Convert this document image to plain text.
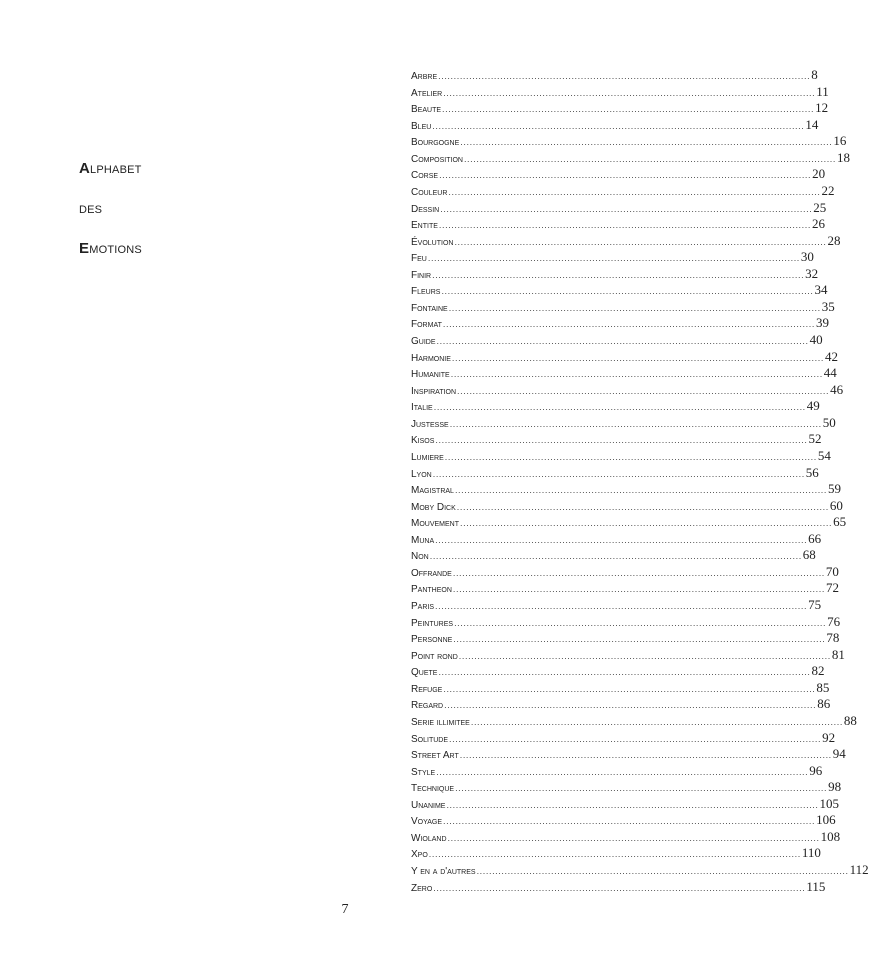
Alphabet
des
Emotions
Arbre ........................................................................................................................ 8
Atelier ........................................................................................................................ 11
Beaute ........................................................................................................................ 12
Bleu ........................................................................................................................ 14
Bourgogne ........................................................................................................................ 16
Composition ........................................................................................................................ 18
Corse ........................................................................................................................ 20
Couleur ........................................................................................................................ 22
Dessin ........................................................................................................................ 25
Entite ........................................................................................................................ 26
Évolution ........................................................................................................................ 28
Feu ........................................................................................................................ 30
Finir ........................................................................................................................ 32
Fleurs ........................................................................................................................ 34
Fontaine ........................................................................................................................ 35
Format ........................................................................................................................ 39
Guide ........................................................................................................................ 40
Harmonie ........................................................................................................................ 42
Humanite ........................................................................................................................ 44
Inspiration ........................................................................................................................ 46
Italie ........................................................................................................................ 49
Justesse ........................................................................................................................ 50
Kisos ........................................................................................................................ 52
Lumiere ........................................................................................................................ 54
Lyon ........................................................................................................................ 56
Magistral ........................................................................................................................ 59
Moby Dick ........................................................................................................................ 60
Mouvement ........................................................................................................................ 65
Muna ........................................................................................................................ 66
Non ........................................................................................................................ 68
Offrande ........................................................................................................................ 70
Pantheon ........................................................................................................................ 72
Paris ........................................................................................................................ 75
Peintures ........................................................................................................................ 76
Personne ........................................................................................................................ 78
Point rond ........................................................................................................................ 81
Quete ........................................................................................................................ 82
Refuge ........................................................................................................................ 85
Regard ........................................................................................................................ 86
Serie illimitee ........................................................................................................................ 88
Solitude ........................................................................................................................ 92
Street Art ........................................................................................................................ 94
Style ........................................................................................................................ 96
Technique ........................................................................................................................ 98
Unanime ........................................................................................................................ 105
Voyage ........................................................................................................................ 106
Wioland ........................................................................................................................ 108
Xpo ........................................................................................................................ 110
Y en a d'autres ........................................................................................................................ 112
Zero ........................................................................................................................ 115
7
